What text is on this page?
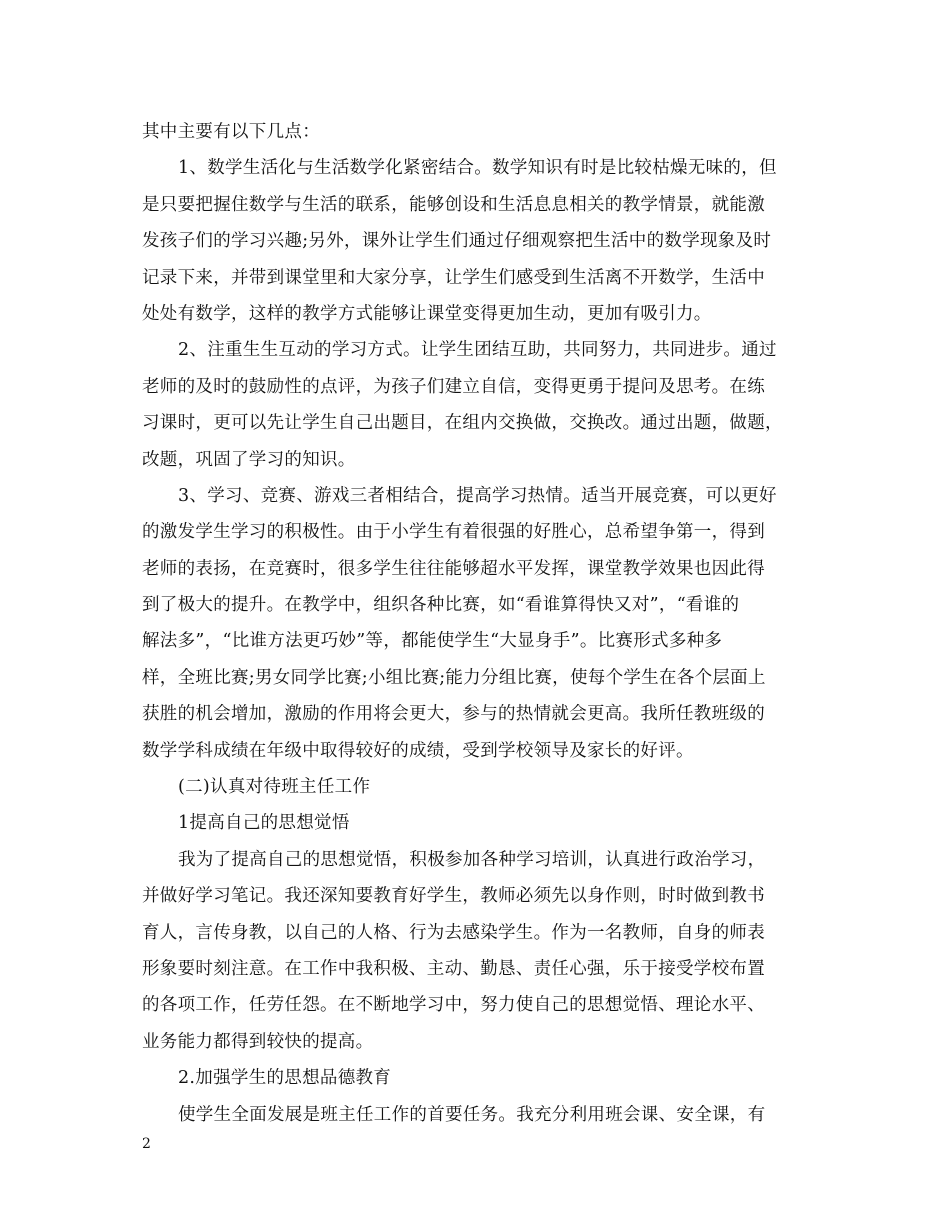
其中主要有以下几点：
1、数学生活化与生活数学化紧密结合。数学知识有时是比较枯燥无味的，但
是只要把握住数学与生活的联系，能够创设和生活息息相关的教学情景，就能激
发孩子们的学习兴趣;另外，课外让学生们通过仔细观察把生活中的数学现象及时
记录下来，并带到课堂里和大家分享，让学生们感受到生活离不开数学，生活中
处处有数学，这样的教学方式能够让课堂变得更加生动，更加有吸引力。
2、注重生生互动的学习方式。让学生团结互助，共同努力，共同进步。通过
老师的及时的鼓励性的点评，为孩子们建立自信，变得更勇于提问及思考。在练
习课时，更可以先让学生自己出题目，在组内交换做，交换改。通过出题，做题，
改题，巩固了学习的知识。
3、学习、竞赛、游戏三者相结合，提高学习热情。适当开展竞赛，可以更好
的激发学生学习的积极性。由于小学生有着很强的好胜心，总希望争第一，得到
老师的表扬，在竞赛时，很多学生往往能够超水平发挥，课堂教学效果也因此得
到了极大的提升。在教学中，组织各种比赛，如“看谁算得快又对”，“看谁的
解法多”，“比谁方法更巧妙”等，都能使学生“大显身手”。比赛形式多种多
样，全班比赛;男女同学比赛;小组比赛;能力分组比赛，使每个学生在各个层面上
获胜的机会增加，激励的作用将会更大，参与的热情就会更高。我所任教班级的
数学学科成绩在年级中取得较好的成绩，受到学校领导及家长的好评。
(二)认真对待班主任工作
1提高自己的思想觉悟
我为了提高自己的思想觉悟，积极参加各种学习培训，认真进行政治学习，
并做好学习笔记。我还深知要教育好学生，教师必须先以身作则，时时做到教书
育人，言传身教，以自己的人格、行为去感染学生。作为一名教师，自身的师表
形象要时刻注意。在工作中我积极、主动、勤恳、责任心强，乐于接受学校布置
的各项工作，任劳任怨。在不断地学习中，努力使自己的思想觉悟、理论水平、
业务能力都得到较快的提高。
2.加强学生的思想品德教育
使学生全面发展是班主任工作的首要任务。我充分利用班会课、安全课，有
2
